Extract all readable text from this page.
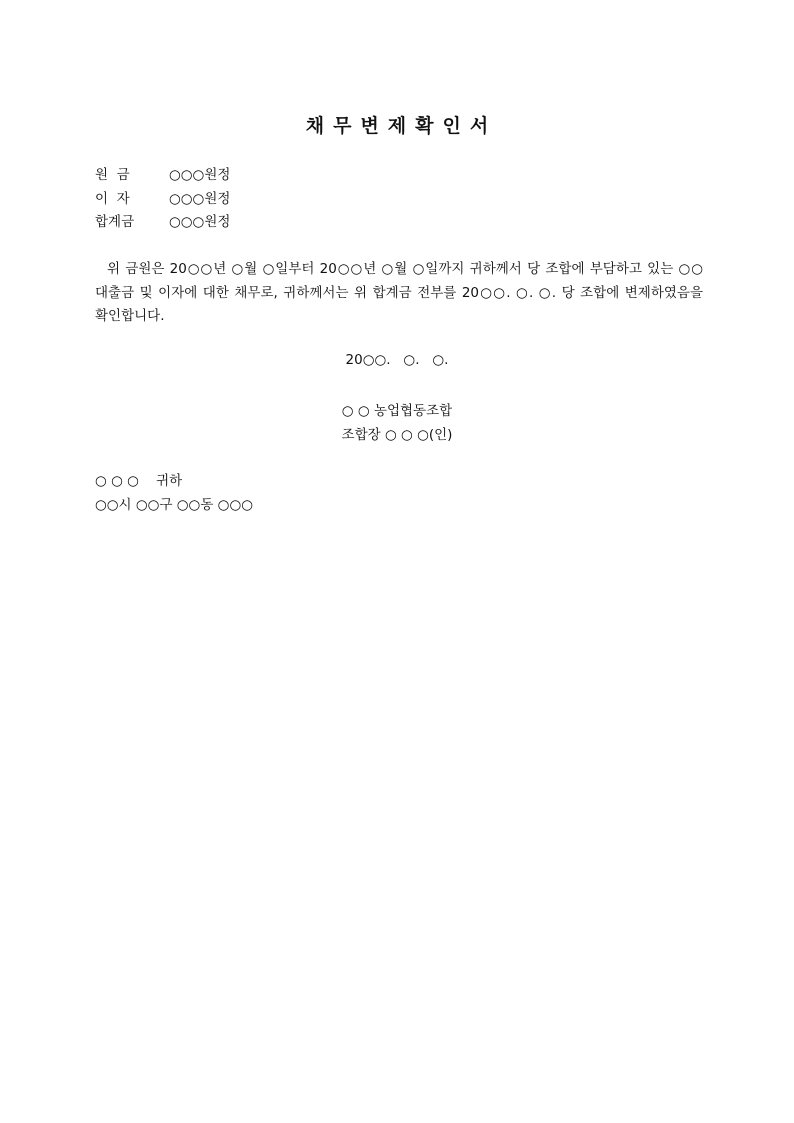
채무변제확인서
원  금	○○○원정
이  자	○○○원정
합계금	○○○원정
위 금원은 20○○년 ○월 ○일부터 20○○년 ○월 ○일까지 귀하께서 당 조합에 부담하고 있는 ○○대출금 및 이자에 대한 채무로, 귀하께서는 위 합계금 전부를 20○○. ○. ○. 당 조합에 변제하였음을 확인합니다.
20○○.   ○.   ○.
○ ○ 농업협동조합
조합장 ○ ○ ○(인)
○ ○ ○    귀하
○○시 ○○구 ○○동 ○○○
